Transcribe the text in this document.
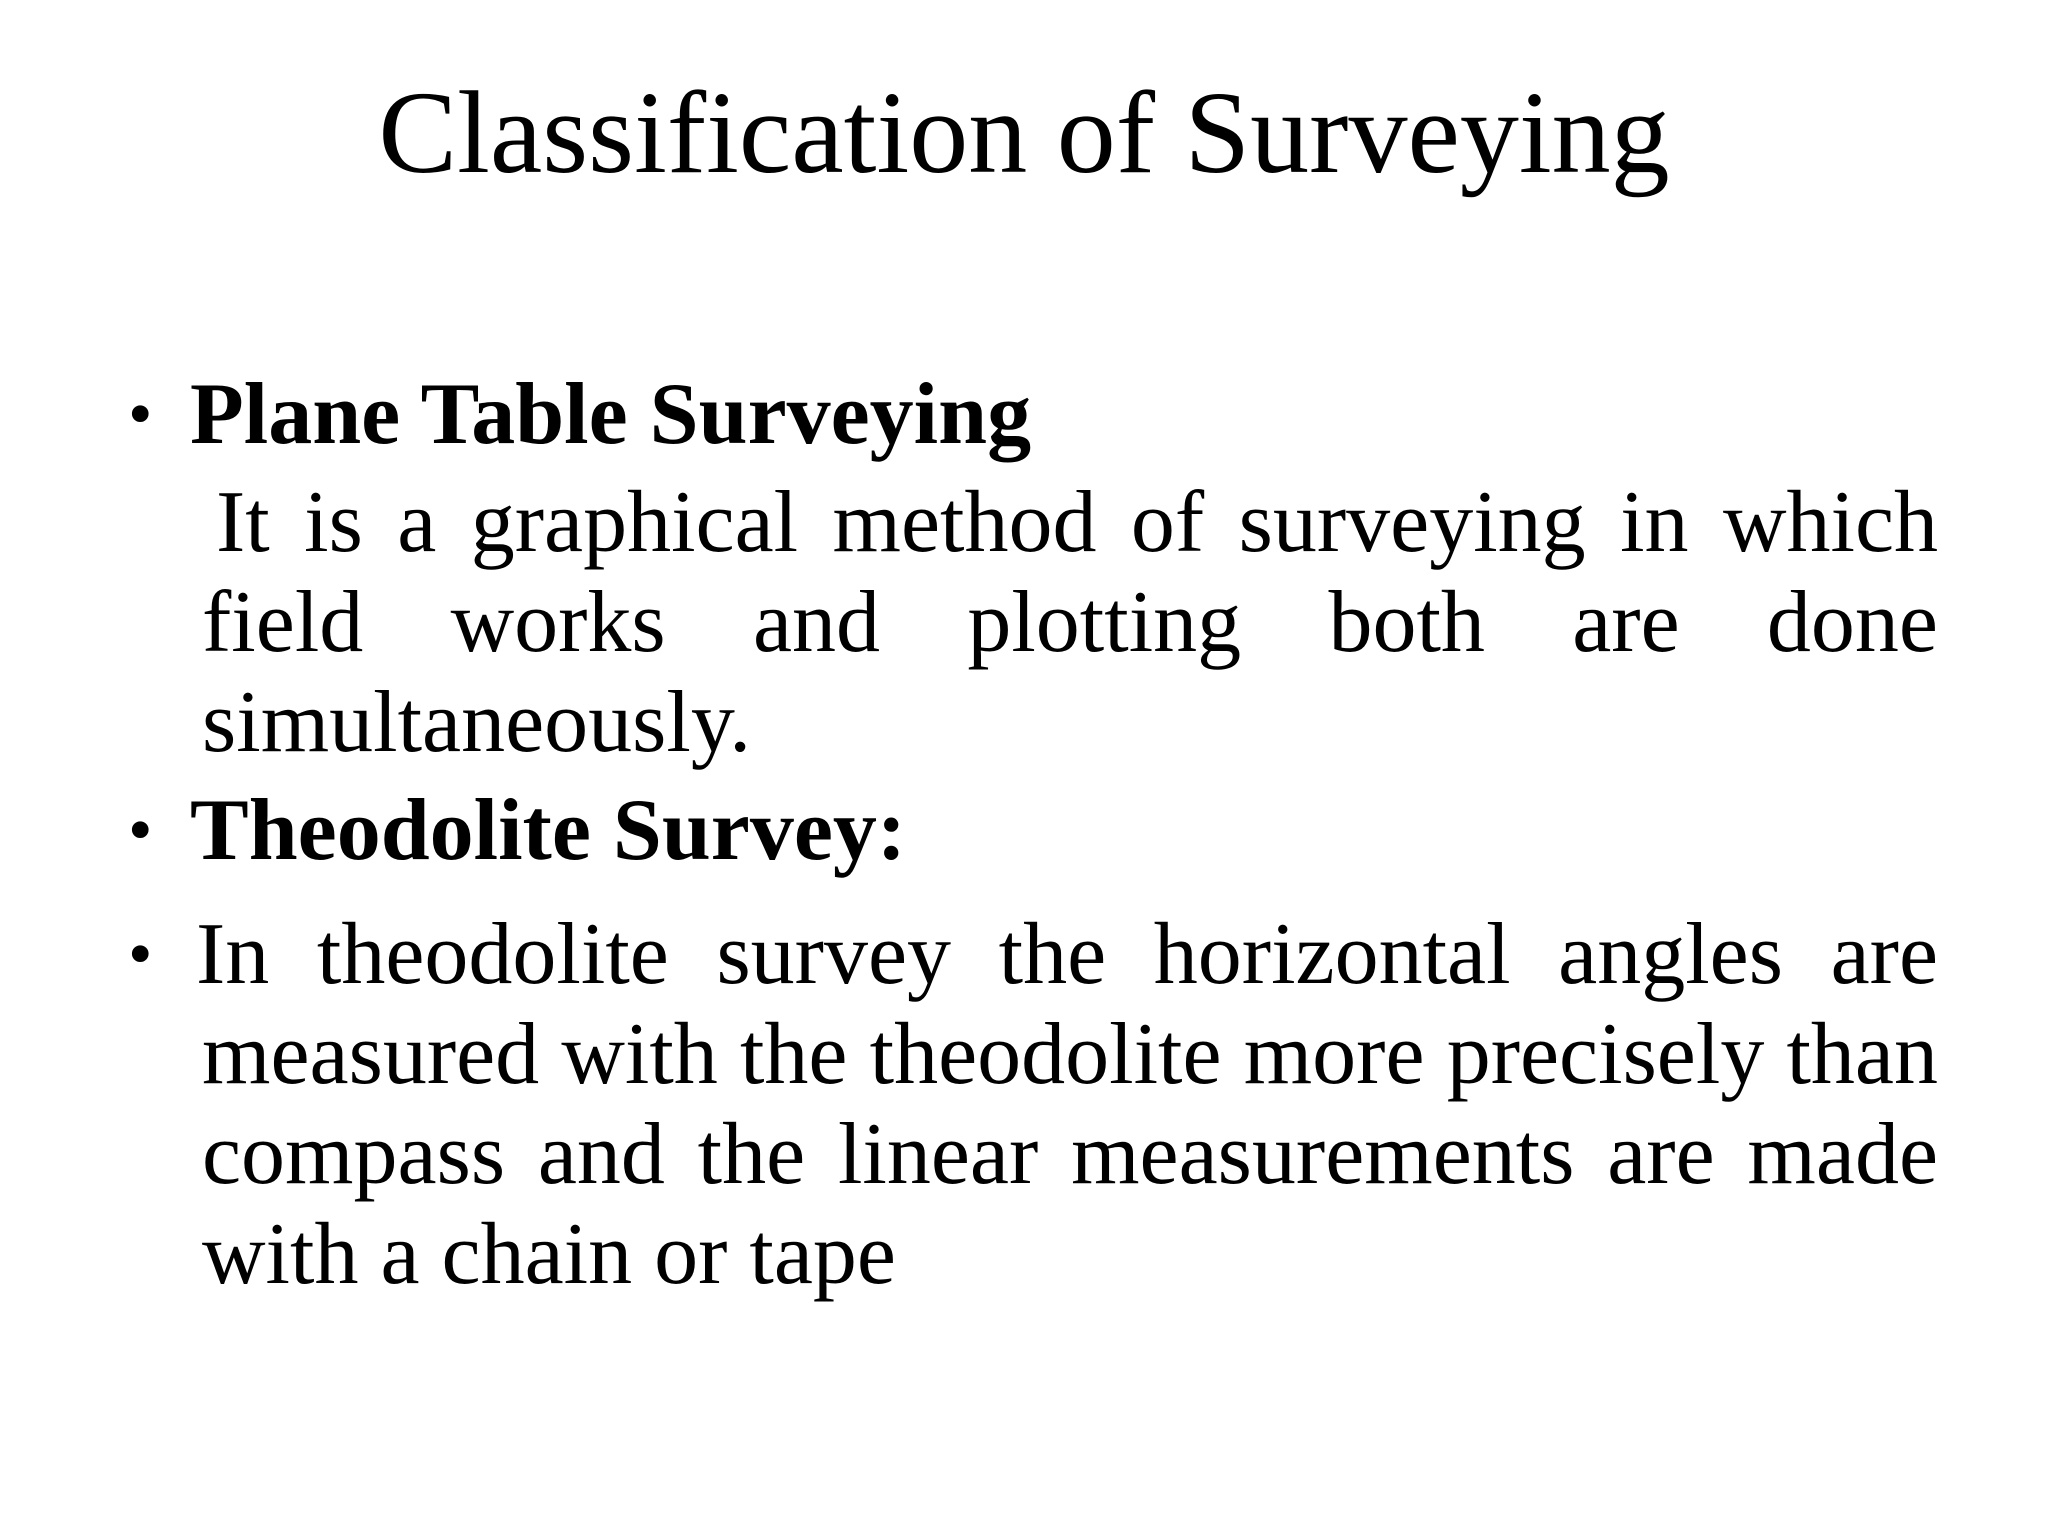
Classification of Surveying
• Plane Table Surveying
It is a graphical method of surveying in which field works and plotting both are done simultaneously.
• Theodolite Survey:
• In theodolite survey the horizontal angles are measured with the theodolite more precisely than compass and the linear measurements are made with a chain or tape
